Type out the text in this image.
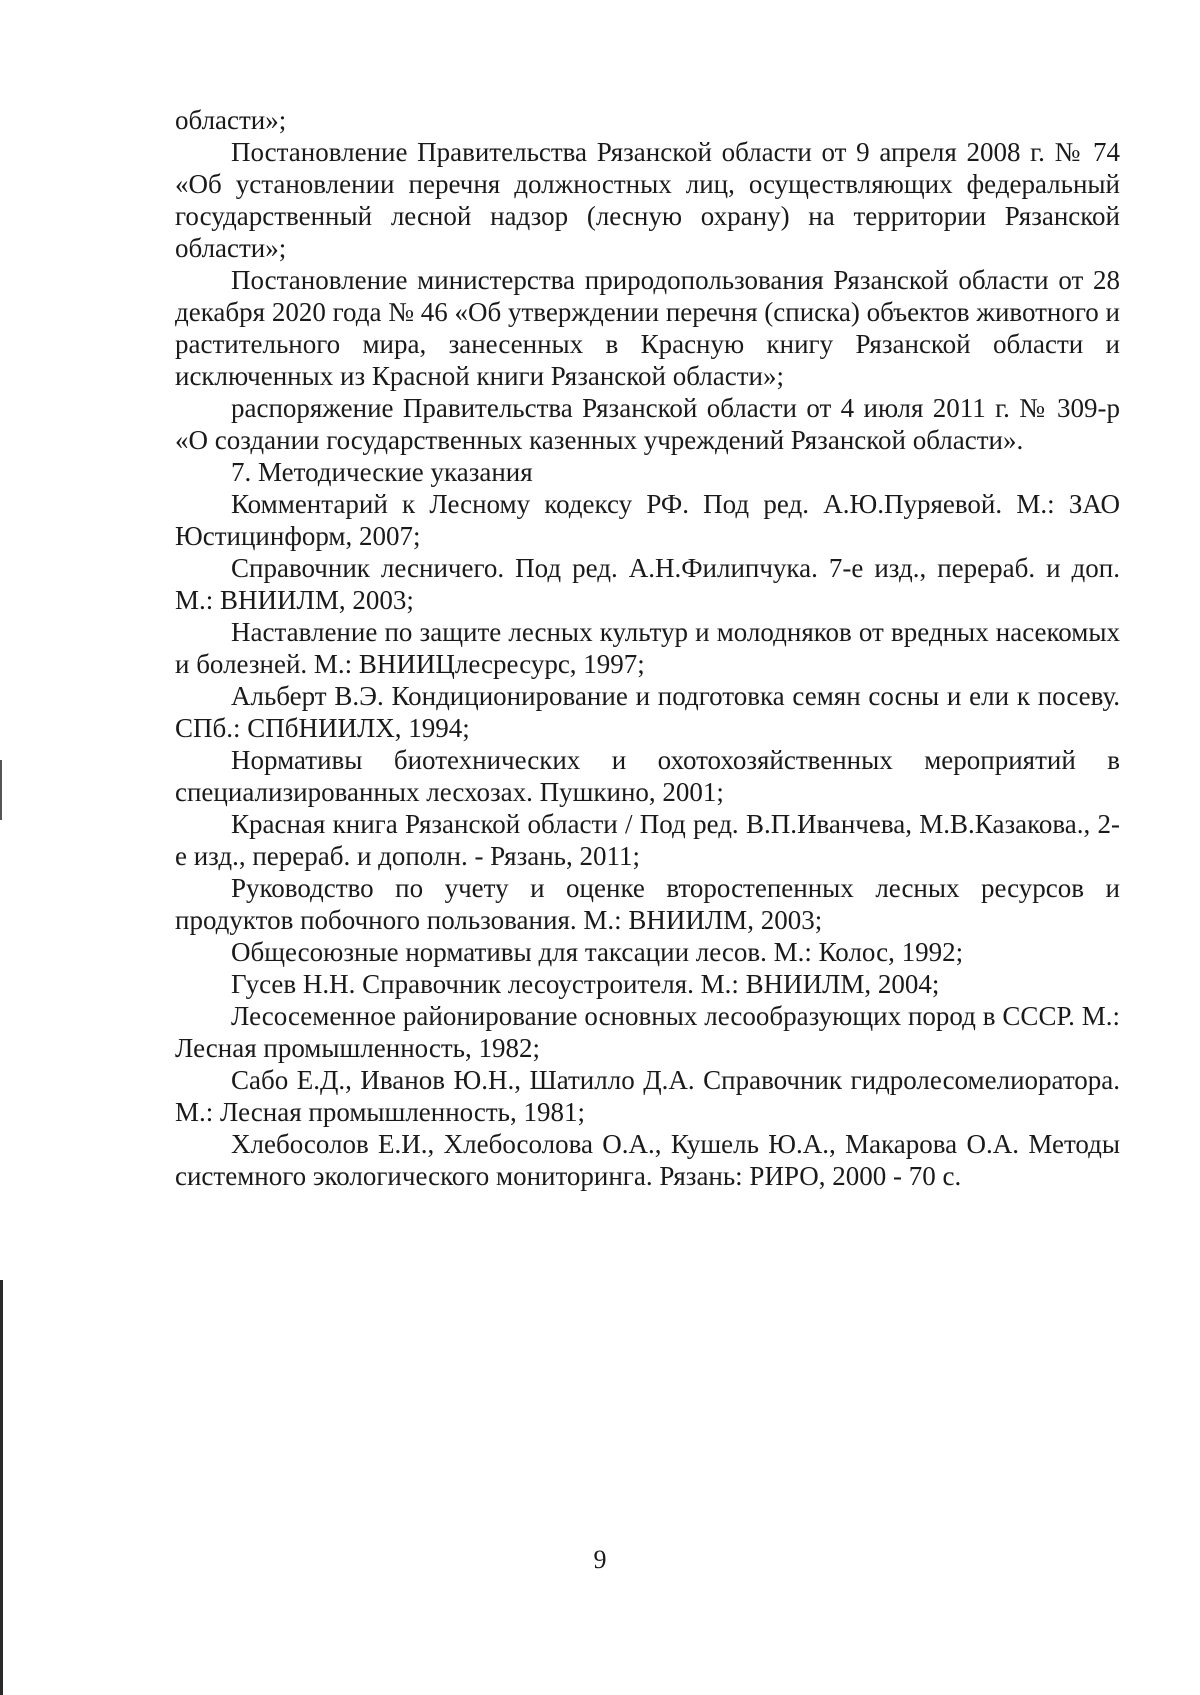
области»;

Постановление Правительства Рязанской области от 9 апреля 2008 г. № 74 «Об установлении перечня должностных лиц, осуществляющих федеральный государственный лесной надзор (лесную охрану) на территории Рязанской области»;

Постановление министерства природопользования Рязанской области от 28 декабря 2020 года № 46 «Об утверждении перечня (списка) объектов животного и растительного мира, занесенных в Красную книгу Рязанской области и исключенных из Красной книги Рязанской области»;

распоряжение Правительства Рязанской области от 4 июля 2011 г. № 309-р «О создании государственных казенных учреждений Рязанской области».

7. Методические указания

Комментарий к Лесному кодексу РФ. Под ред. А.Ю.Пуряевой. М.: ЗАО Юстицинформ, 2007;

Справочник лесничего. Под ред. А.Н.Филипчука. 7-е изд., перераб. и доп. М.: ВНИИЛМ, 2003;

Наставление по защите лесных культур и молодняков от вредных насекомых и болезней. М.: ВНИИЦлесресурс, 1997;

Альберт В.Э. Кондиционирование и подготовка семян сосны и ели к посеву. СПб.: СПбНИИЛХ, 1994;

Нормативы биотехнических и охотохозяйственных мероприятий в специализированных лесхозах. Пушкино, 2001;

Красная книга Рязанской области / Под ред. В.П.Иванчева, М.В.Казакова., 2-е изд., перераб. и дополн. - Рязань, 2011;

Руководство по учету и оценке второстепенных лесных ресурсов и продуктов побочного пользования. М.: ВНИИЛМ, 2003;

Общесоюзные нормативы для таксации лесов. М.: Колос, 1992;

Гусев Н.Н. Справочник лесоустроителя. М.: ВНИИЛМ, 2004;

Лесосеменное районирование основных лесообразующих пород в СССР. М.: Лесная промышленность, 1982;

Сабо Е.Д., Иванов Ю.Н., Шатилло Д.А. Справочник гидролесомелиоратора. М.: Лесная промышленность, 1981;

Хлебосолов Е.И., Хлебосолова О.А., Кушель Ю.А., Макарова О.А. Методы системного экологического мониторинга. Рязань: РИРО, 2000 - 70 с.

9
